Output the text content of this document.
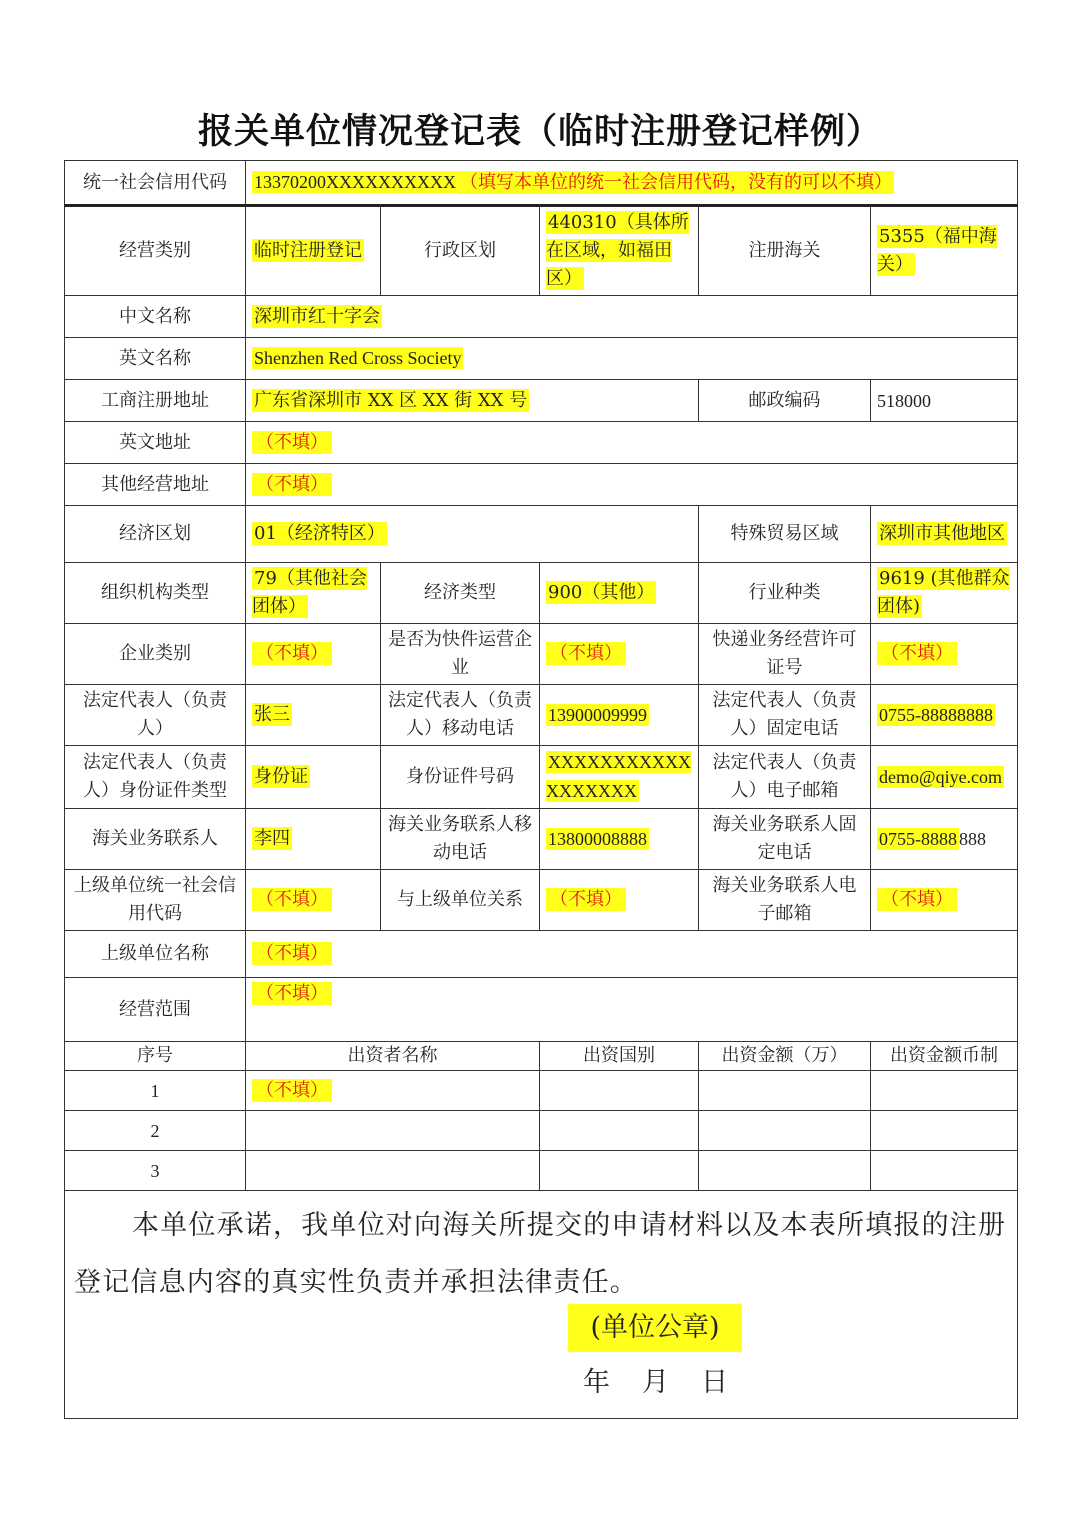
报关单位情况登记表（临时注册登记样例）
统一社会信用代码	13370200XXXXXXXXXX （填写本单位的统一社会信用代码，没有的可以不填）				
经营类别	临时注册登记	行政区划	440310（具体所在区域，如福田区）	注册海关	5355（福中海关）
中文名称	深圳市红十字会				
英文名称	Shenzhen Red Cross Society				
工商注册地址	广东省深圳市 XX 区 XX 街 XX 号			邮政编码	518000
英文地址	（不填）				
其他经营地址	（不填）				
经济区划	01（经济特区）			特殊贸易区域	深圳市其他地区
组织机构类型	79（其他社会团体）	经济类型	900（其他）	行业种类	9619 (其他群众团体)
企业类别	（不填）	是否为快件运营企业	（不填）	快递业务经营许可证号	（不填）
法定代表人（负责人）	张三	法定代表人（负责人）移动电话	13900009999	法定代表人（负责人）固定电话	0755-88888888
法定代表人（负责人）身份证件类型	身份证	身份证件号码	XXXXXXXXXXXXXXXXXX	法定代表人（负责人）电子邮箱	demo@qiye.com
海关业务联系人	李四	海关业务联系人移动电话	13800008888	海关业务联系人固定电话	0755-8888 888
上级单位统一社会信用代码	（不填）	与上级单位关系	（不填）	海关业务联系人电子邮箱	（不填）
上级单位名称	（不填）				
经营范围	（不填）				
序号	出资者名称		出资国别	出资金额（万）	出资金额币制
1	（不填）				
2					
3					

本单位承诺，我单位对向海关所提交的申请材料以及本表所填报的注册登记信息内容的真实性负责并承担法律责任。
(单位公章)
年 月 日					
